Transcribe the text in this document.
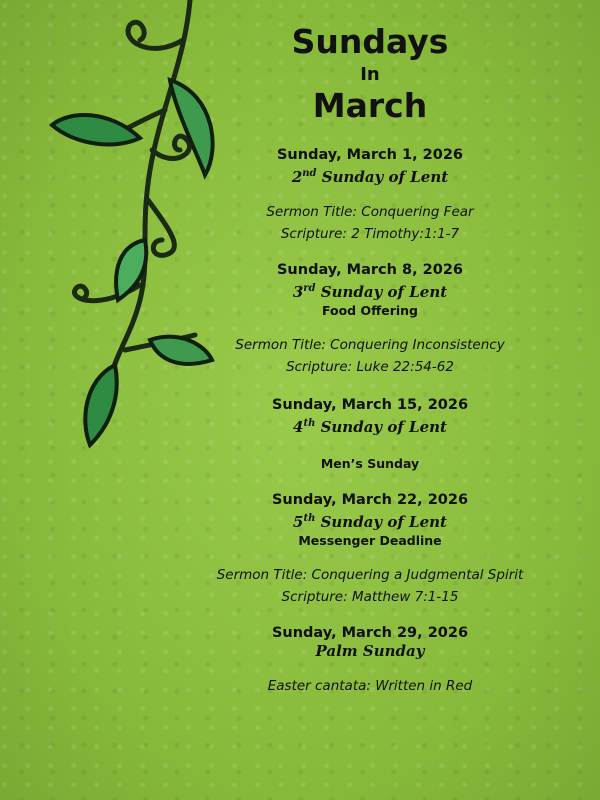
Sundays
In
March
Sunday, March 1, 2026
2nd Sunday of Lent
Sermon Title: Conquering Fear
Scripture: 2 Timothy:1:1-7
Sunday, March 8, 2026
3rd Sunday of Lent
Food Offering
Sermon Title: Conquering Inconsistency
Scripture: Luke 22:54-62
Sunday, March 15, 2026
4th Sunday of Lent
Men’s Sunday
Sunday, March 22, 2026
5th Sunday of Lent
Messenger Deadline
Sermon Title: Conquering a Judgmental Spirit
Scripture: Matthew 7:1-15
Sunday, March 29, 2026
Palm Sunday
Easter cantata: Written in Red
